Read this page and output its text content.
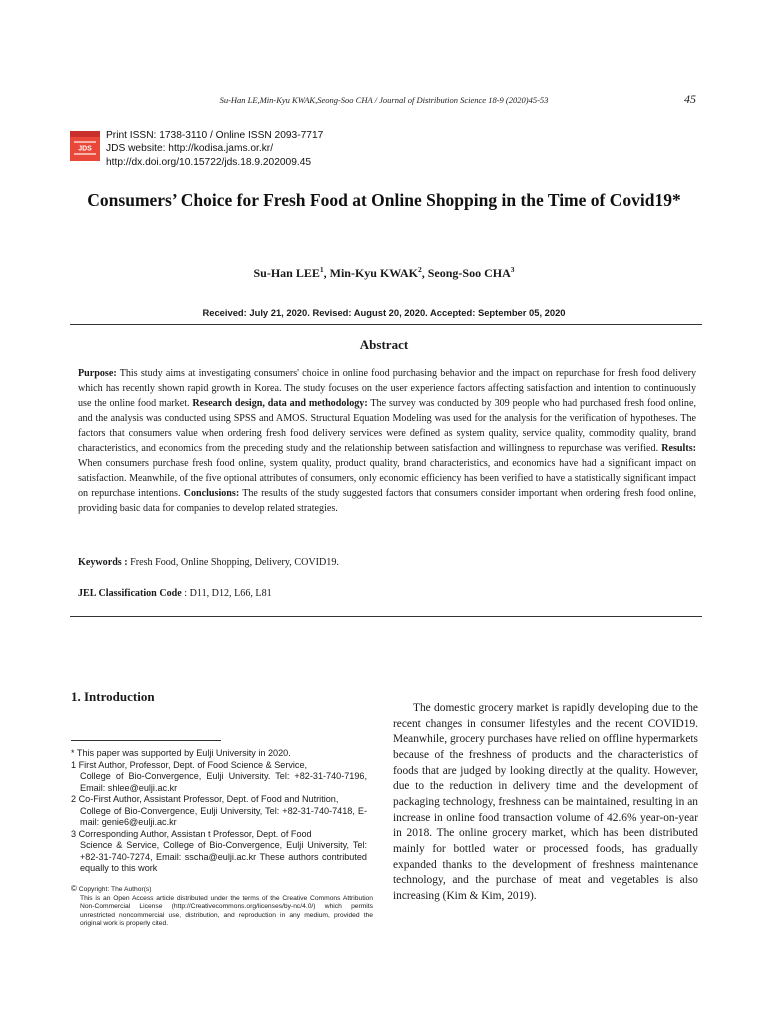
Su-Han LE,Min-Kyu KWAK,Seong-Soo CHA / Journal of Distribution Science 18-9 (2020)45-53	45
JDS
Print ISSN: 1738-3110 / Online ISSN 2093-7717
JDS website: http://kodisa.jams.or.kr/
http://dx.doi.org/10.15722/jds.18.9.202009.45
Consumers’ Choice for Fresh Food at Online Shopping in the Time of Covid19*
Su-Han LEE$^1$, Min-Kyu KWAK$^2$, Seong-Soo CHA$^3$
Received: July 21, 2020. Revised: August 20, 2020. Accepted: September 05, 2020
Abstract
Purpose: This study aims at investigating consumers' choice in online food purchasing behavior and the impact on repurchase for fresh food delivery which has recently shown rapid growth in Korea. The study focuses on the user experience factors affecting satisfaction and intention to continuously use the online food market. Research design, data and methodology: The survey was conducted by 309 people who had purchased fresh food online, and the analysis was conducted using SPSS and AMOS. Structural Equation Modeling was used for the analysis for the verification of hypotheses. The factors that consumers value when ordering fresh food delivery services were defined as system quality, service quality, commodity quality, brand characteristics, and economics from the preceding study and the relationship between satisfaction and willingness to repurchase was verified. Results: When consumers purchase fresh food online, system quality, product quality, brand characteristics, and economics have had a significant impact on satisfaction. Meanwhile, of the five optional attributes of consumers, only economic efficiency has been verified to have a statistically significant impact on repurchase intentions. Conclusions: The results of the study suggested factors that consumers consider important when ordering fresh food online, providing basic data for companies to develop related strategies.
Keywords : Fresh Food, Online Shopping, Delivery, COVID19.
JEL Classification Code : D11, D12, L66, L81
1. Introduction

* This paper was supported by Eulji University in 2020.

1 First Author, Professor, Dept. of Food Science & Service,
College of Bio-Convergence, Eulji University. Tel: +82-31-740-7196, Email: shlee@eulji.ac.kr

2 Co-First Author, Assistant Professor, Dept. of Food and Nutrition,
College of Bio-Convergence, Eulji University, Tel: +82-31-740-7418, E-mail: genie6@eulji.ac.kr

3 Corresponding Author, Assistan t Professor, Dept. of Food
Science & Service, College of Bio-Convergence, Eulji University, Tel: +82-31-740-7274, Email: sscha@eulji.ac.kr These authors contributed equally to this work

© Copyright: The Author(s)
This is an Open Access article distributed under the terms of the Creative Commons Attribution Non-Commercial License (http://Creativecommons.org/licenses/by-nc/4.0/) which permits unrestricted noncommercial use, distribution, and reproduction in any medium, provided the original work is properly cited.
The domestic grocery market is rapidly developing due to the recent changes in consumer lifestyles and the recent COVID19. Meanwhile, grocery purchases have relied on offline hypermarkets because of the freshness of products and the characteristics of foods that are judged by looking directly at the quality. However, due to the reduction in delivery time and the development of packaging technology, freshness can be maintained, resulting in an increase in online food transaction volume of 42.6% year-on-year in 2018. The online grocery market, which has been distributed mainly for bottled water or processed foods, has gradually expanded thanks to the development of freshness maintenance technology, and the purchase of meat and vegetables is also increasing (Kim & Kim, 2019).
